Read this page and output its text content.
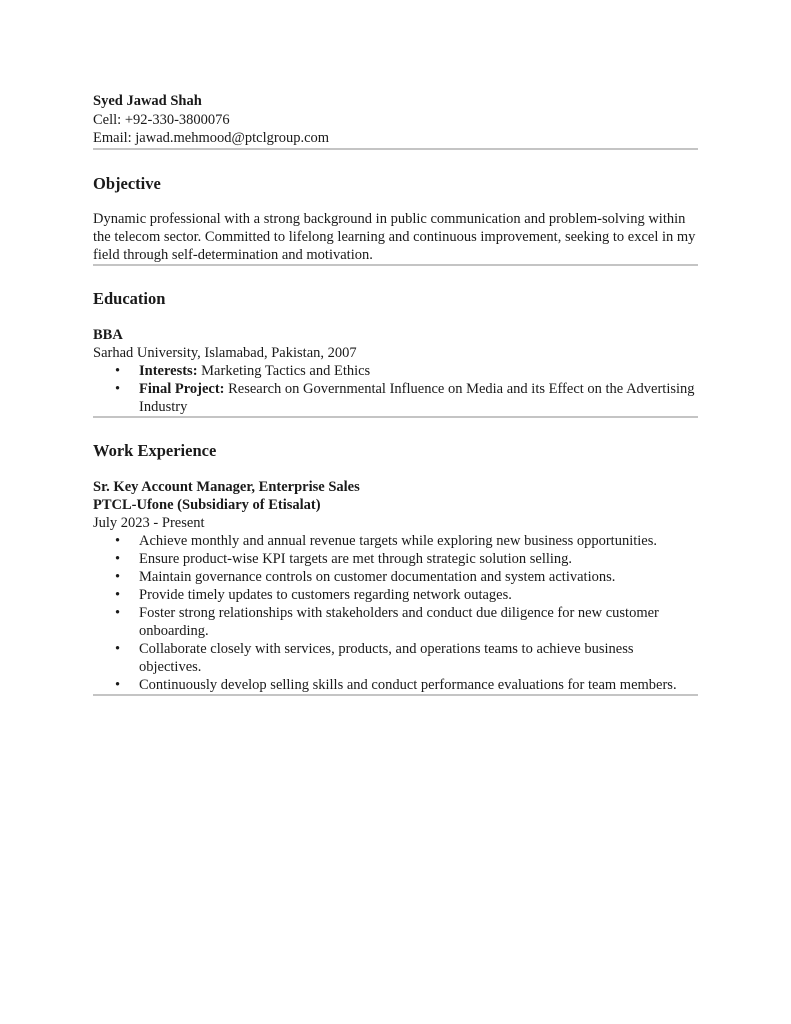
Syed Jawad Shah
Cell: +92-330-3800076
Email: jawad.mehmood@ptclgroup.com
Objective
Dynamic professional with a strong background in public communication and problem-solving within the telecom sector. Committed to lifelong learning and continuous improvement, seeking to excel in my field through self-determination and motivation.
Education
BBA
Sarhad University, Islamabad, Pakistan, 2007
• Interests: Marketing Tactics and Ethics
• Final Project: Research on Governmental Influence on Media and its Effect on the Advertising Industry
Work Experience
Sr. Key Account Manager, Enterprise Sales
PTCL-Ufone (Subsidiary of Etisalat)
July 2023 - Present
• Achieve monthly and annual revenue targets while exploring new business opportunities.
• Ensure product-wise KPI targets are met through strategic solution selling.
• Maintain governance controls on customer documentation and system activations.
• Provide timely updates to customers regarding network outages.
• Foster strong relationships with stakeholders and conduct due diligence for new customer onboarding.
• Collaborate closely with services, products, and operations teams to achieve business objectives.
• Continuously develop selling skills and conduct performance evaluations for team members.
